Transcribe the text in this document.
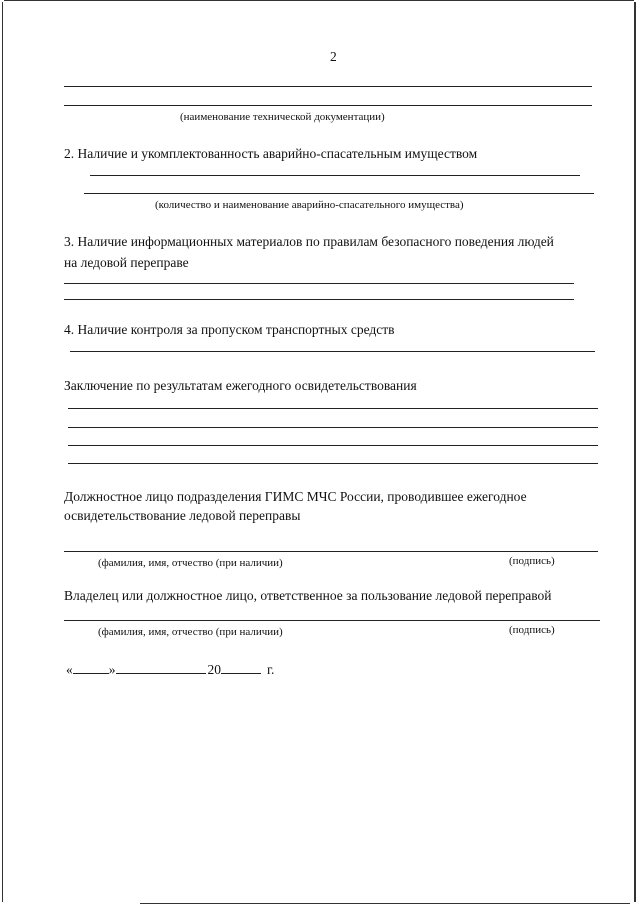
2
(наименование технической документации)
2. Наличие и укомплектованность аварийно-спасательным имуществом
(количество и наименование аварийно-спасательного имущества)
3. Наличие информационных материалов по правилам безопасного поведения людей
на ледовой переправе
4. Наличие контроля за пропуском транспортных средств
Заключение по результатам ежегодного освидетельствования
Должностное лицо подразделения ГИМС МЧС России, проводившее ежегодное
освидетельствование ледовой переправы
(фамилия, имя, отчество (при наличии)	(подпись)
Владелец или должностное лицо, ответственное за пользование ледовой переправой
(фамилия, имя, отчество (при наличии)	(подпись)
«	»	20	г.
